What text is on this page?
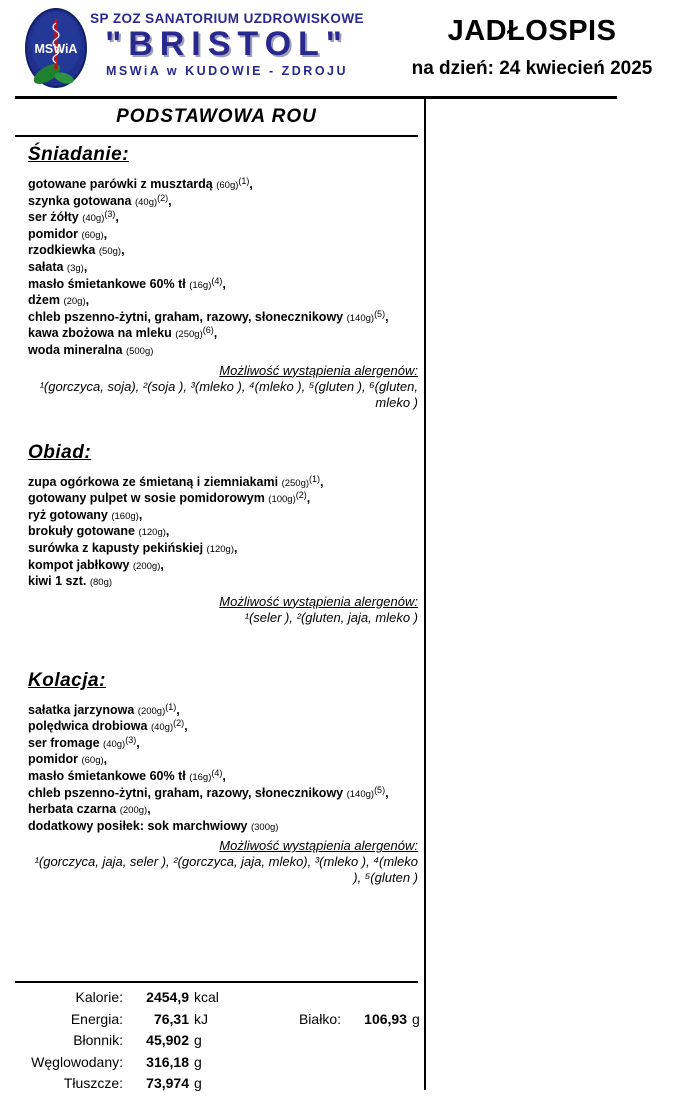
MSWiA
SP ZOZ SANATORIUM UZDROWISKOWE
"BRISTOL"
MSWiA w KUDOWIE - ZDROJU
JADŁOSPIS
na dzień: 24 kwiecień 2025
PODSTAWOWA ROU
Śniadanie:
gotowane parówki z musztardą (60g)$^{(1)}$,
szynka gotowana (40g)$^{(2)}$,
ser żółty (40g)$^{(3)}$,
pomidor (60g),
rzodkiewka (50g),
sałata (3g),
masło śmietankowe 60% tł (16g)$^{(4)}$,
dżem (20g),
chleb pszenno-żytni, graham, razowy, słonecznikowy (140g)$^{(5)}$,
kawa zbożowa na mleku (250g)$^{(6)}$,
woda mineralna (500g)
Możliwość wystąpienia alergenów:
¹(gorczyca, soja), ²(soja ), ³(mleko ), ⁴(mleko ), ⁵(gluten ), ⁶(gluten, mleko )
Obiad:
zupa ogórkowa ze śmietaną i ziemniakami (250g)$^{(1)}$,
gotowany pulpet w sosie pomidorowym (100g)$^{(2)}$,
ryż gotowany (160g),
brokuły gotowane (120g),
surówka z kapusty pekińskiej (120g),
kompot jabłkowy (200g),
kiwi 1 szt. (80g)
Możliwość wystąpienia alergenów:
¹(seler ), ²(gluten, jaja, mleko )
Kolacja:
sałatka jarzynowa (200g)$^{(1)}$,
polędwica drobiowa (40g)$^{(2)}$,
ser fromage (40g)$^{(3)}$,
pomidor (60g),
masło śmietankowe 60% tł (16g)$^{(4)}$,
chleb pszenno-żytni, graham, razowy, słonecznikowy (140g)$^{(5)}$,
herbata czarna (200g),
dodatkowy posiłek: sok marchwiowy (300g)
Możliwość wystąpienia alergenów:
¹(gorczyca, jaja, seler ), ²(gorczyca, jaja, mleko), ³(mleko ), ⁴(mleko ), ⁵(gluten )
Kalorie:	2454,9 kcal
Energia:	76,31 kJ
Błonnik:	45,902 g
Węglowodany:	316,18 g
Tłuszcze:	73,974 g
Białko:	106,93 g
